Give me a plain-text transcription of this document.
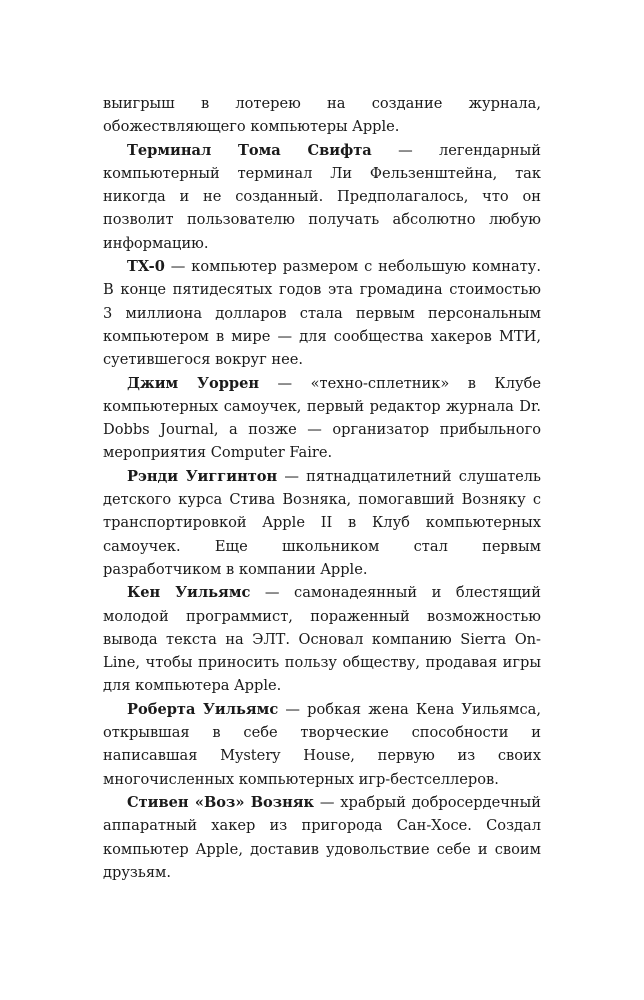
выигрыш в лотерею на создание журнала, обожествляющего компьютеры Apple.

Терминал Тома Свифта — легендарный компьютерный терминал Ли Фельзенштейна, так никогда и не созданный. Предполагалось, что он позволит пользователю получать абсолютно любую информацию.

TX-0 — компьютер размером с небольшую комнату. В конце пятидесятых годов эта громадина стоимостью 3 миллиона долларов стала первым персональным компьютером в мире — для сообщества хакеров МТИ, суетившегося вокруг нее.

Джим Уоррен — «техно-сплетник» в Клубе компьютерных самоучек, первый редактор журнала Dr. Dobbs Journal, а позже — организатор прибыльного мероприятия Computer Faire.

Рэнди Уиггинтон — пятнадцатилетний слушатель детского курса Стива Возняка, помогавший Возняку с транспортировкой Apple II в Клуб компьютерных самоучек. Еще школьником стал первым разработчиком в компании Apple.

Кен Уильямс — самонадеянный и блестящий молодой программист, пораженный возможностью вывода текста на ЭЛТ. Основал компанию Sierra On-Line, чтобы приносить пользу обществу, продавая игры для компьютера Apple.

Роберта Уильямс — робкая жена Кена Уильямса, открывшая в себе творческие способности и написавшая Mystery House, первую из своих многочисленных компьютерных игр-бестселлеров.

Стивен «Воз» Возняк — храбрый добросердечный аппаратный хакер из пригорода Сан-Хосе. Создал компьютер Apple, доставив удовольствие себе и своим друзьям.
